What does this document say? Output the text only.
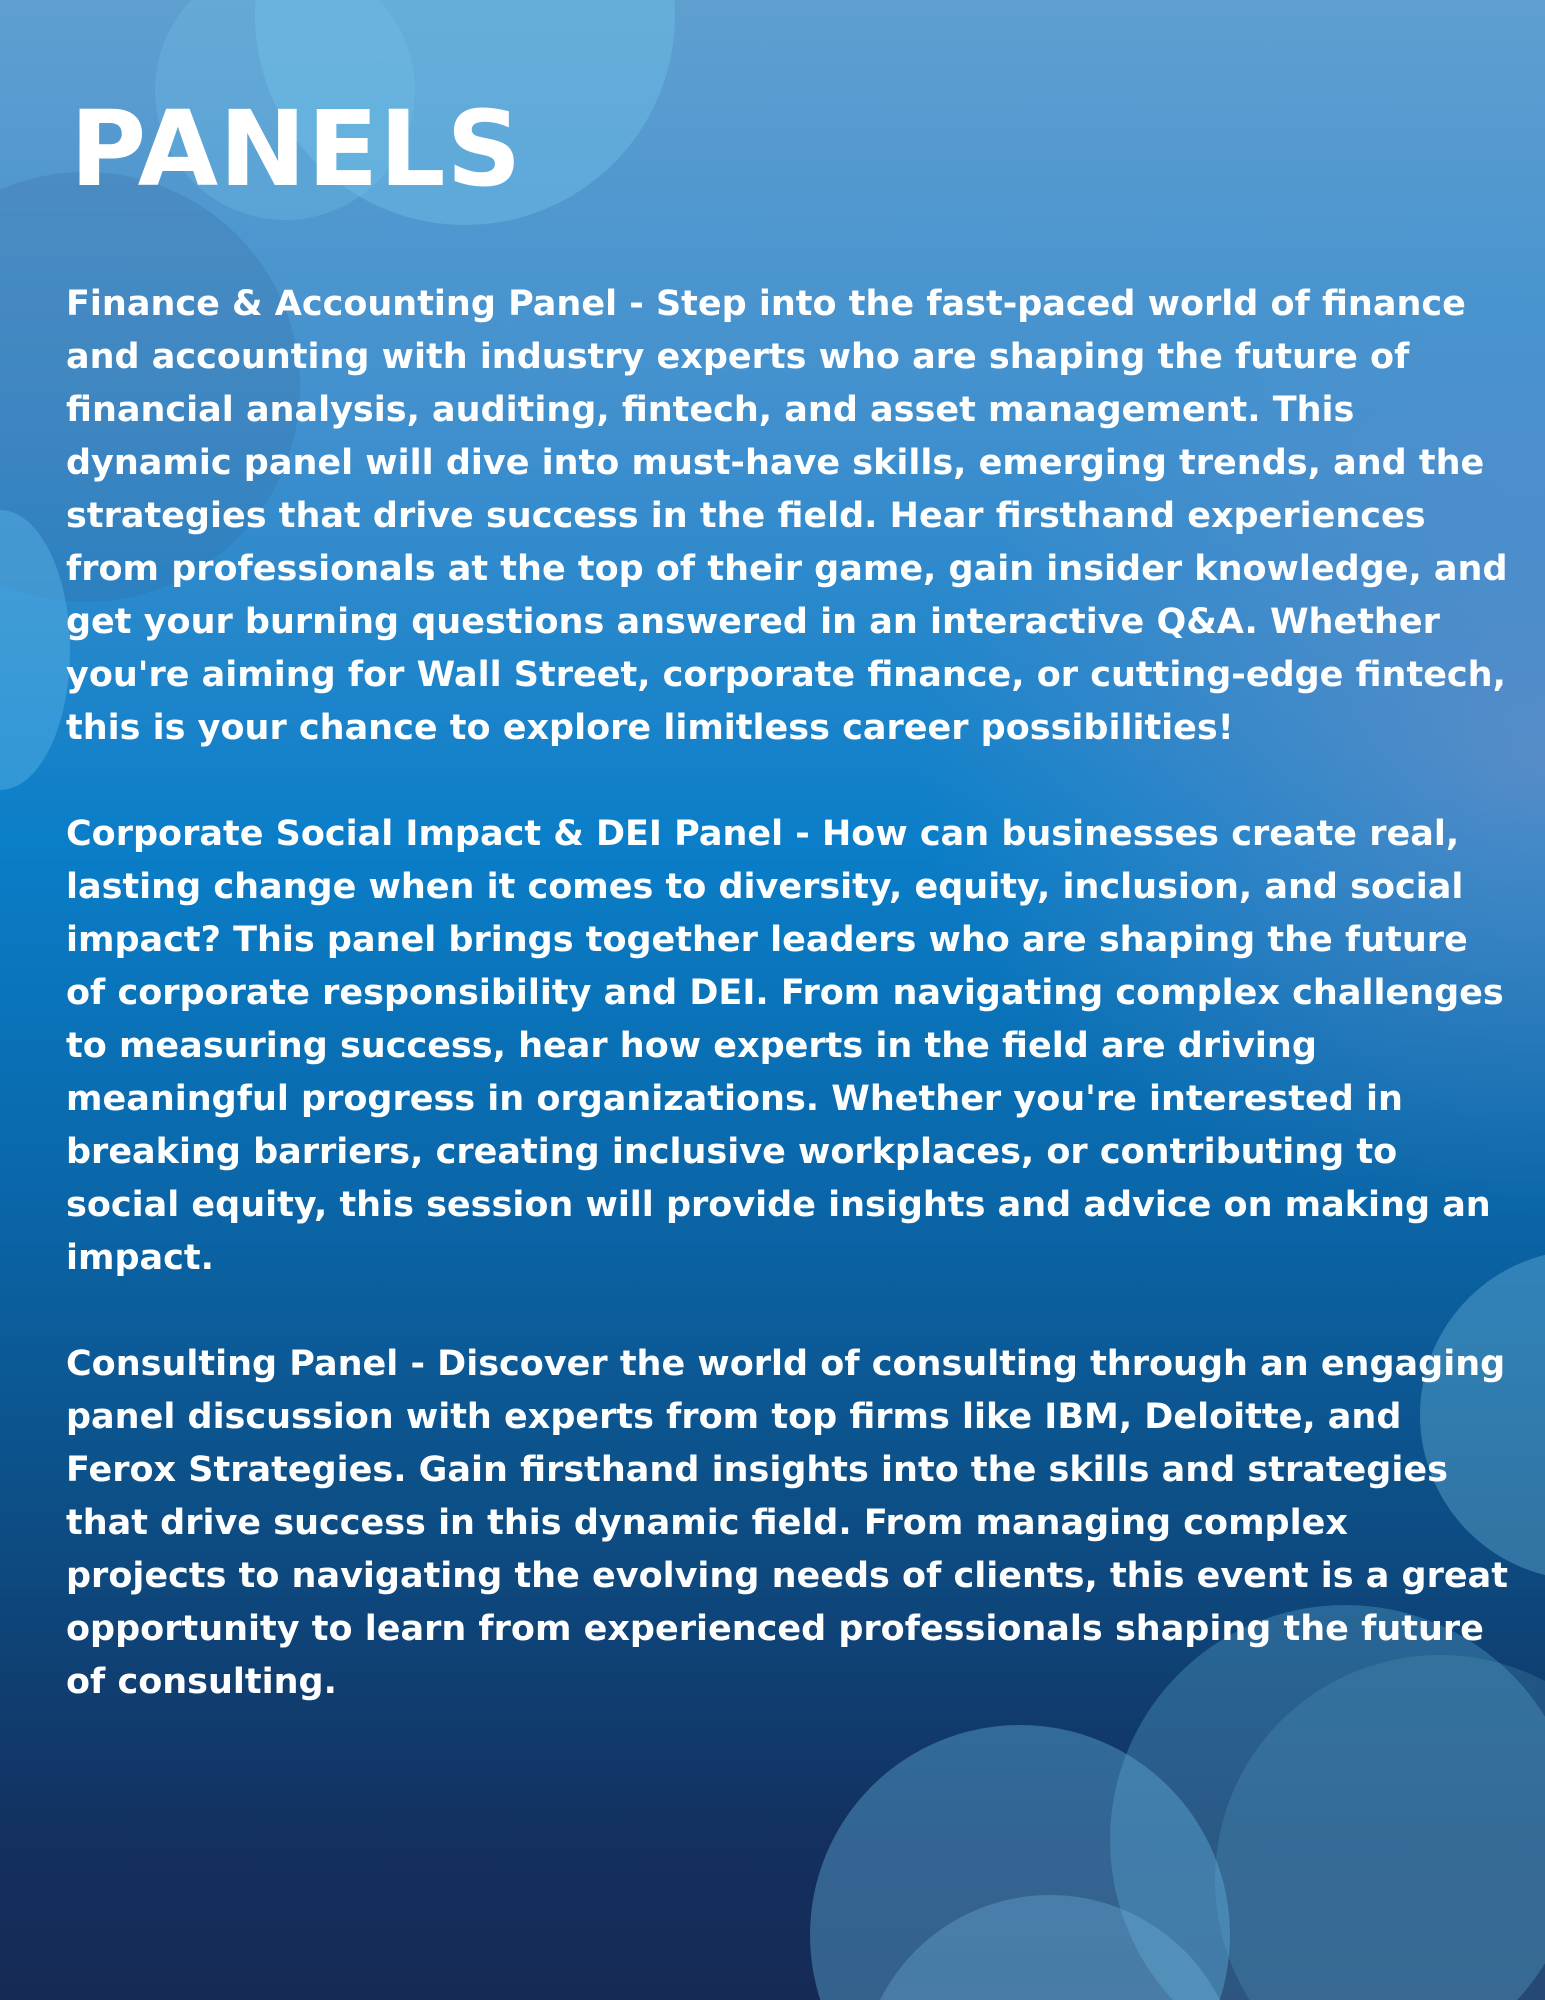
PANELS

Finance & Accounting Panel - Step into the fast-paced world of finance and accounting with industry experts who are shaping the future of financial analysis, auditing, fintech, and asset management. This dynamic panel will dive into must-have skills, emerging trends, and the strategies that drive success in the field. Hear firsthand experiences from professionals at the top of their game, gain insider knowledge, and get your burning questions answered in an interactive Q&A. Whether you're aiming for Wall Street, corporate finance, or cutting-edge fintech, this is your chance to explore limitless career possibilities!

Corporate Social Impact & DEI Panel - How can businesses create real, lasting change when it comes to diversity, equity, inclusion, and social impact? This panel brings together leaders who are shaping the future of corporate responsibility and DEI. From navigating complex challenges to measuring success, hear how experts in the field are driving meaningful progress in organizations. Whether you're interested in breaking barriers, creating inclusive workplaces, or contributing to social equity, this session will provide insights and advice on making an impact.

Consulting Panel - Discover the world of consulting through an engaging panel discussion with experts from top firms like IBM, Deloitte, and Ferox Strategies. Gain firsthand insights into the skills and strategies that drive success in this dynamic field. From managing complex projects to navigating the evolving needs of clients, this event is a great opportunity to learn from experienced professionals shaping the future of consulting.
